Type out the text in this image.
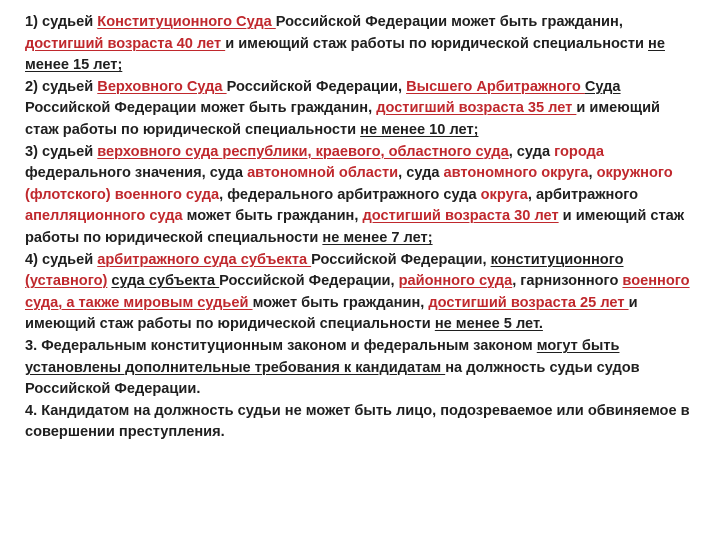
1) судьей Конституционного Суда Российской Федерации может быть гражданин, достигший возраста 40 лет и имеющий стаж работы по юридической специальности не менее 15 лет;

2) судьей Верховного Суда Российской Федерации, Высшего Арбитражного Суда Российской Федерации может быть гражданин, достигший возраста 35 лет и имеющий стаж работы по юридической специальности не менее 10 лет;

3) судьей верховного суда республики, краевого, областного суда, суда города федерального значения, суда автономной области, суда автономного округа, окружного (флотского) военного суда, федерального арбитражного суда округа, арбитражного апелляционного суда может быть гражданин, достигший возраста 30 лет и имеющий стаж работы по юридической специальности не менее 7 лет;

4) судьей арбитражного суда субъекта Российской Федерации, конституционного (уставного) суда субъекта Российской Федерации, районного суда, гарнизонного военного суда, а также мировым судьей может быть гражданин, достигший возраста 25 лет и имеющий стаж работы по юридической специальности не менее 5 лет.

3. Федеральным конституционным законом и федеральным законом могут быть установлены дополнительные требования к кандидатам на должность судьи судов Российской Федерации.

4. Кандидатом на должность судьи не может быть лицо, подозреваемое или обвиняемое в совершении преступления.
